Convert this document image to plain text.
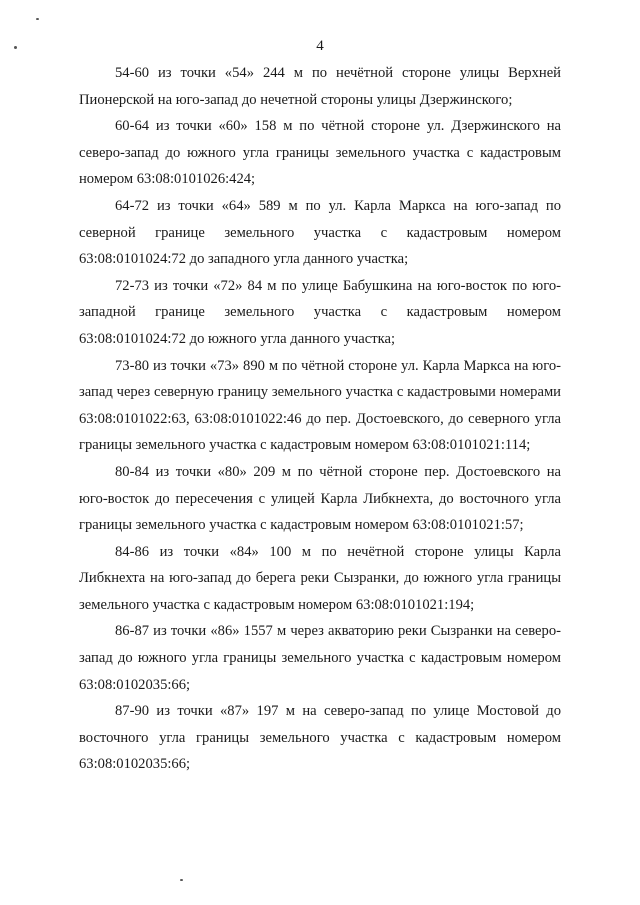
4

54-60 из точки «54» 244 м по нечётной стороне улицы Верхней Пионерской на юго-запад до нечетной стороны улицы Дзержинского;

60-64 из точки «60» 158 м по чётной стороне ул. Дзержинского на северо-запад до южного угла границы земельного участка с кадастровым номером 63:08:0101026:424;

64-72 из точки «64» 589 м по ул. Карла Маркса на юго-запад по северной границе земельного участка с кадастровым номером 63:08:0101024:72 до западного угла данного участка;

72-73 из точки «72» 84 м по улице Бабушкина на юго-восток по юго-западной границе земельного участка с кадастровым номером 63:08:0101024:72 до южного угла данного участка;

73-80 из точки «73» 890 м по чётной стороне ул. Карла Маркса на юго-запад через северную границу земельного участка с кадастровыми номерами 63:08:0101022:63, 63:08:0101022:46 до пер. Достоевского, до северного угла границы земельного участка с кадастровым номером 63:08:0101021:114;

80-84 из точки «80» 209 м по чётной стороне пер. Достоевского на юго-восток до пересечения с улицей Карла Либкнехта, до восточного угла границы земельного участка с кадастровым номером 63:08:0101021:57;

84-86 из точки «84» 100 м по нечётной стороне улицы Карла Либкнехта на юго-запад до берега реки Сызранки, до южного угла границы земельного участка с кадастровым номером 63:08:0101021:194;

86-87 из точки «86» 1557 м через акваторию реки Сызранки на северо-запад до южного угла границы земельного участка с кадастровым номером 63:08:0102035:66;

87-90 из точки «87» 197 м на северо-запад по улице Мостовой до восточного угла границы земельного участка с кадастровым номером 63:08:0102035:66;
